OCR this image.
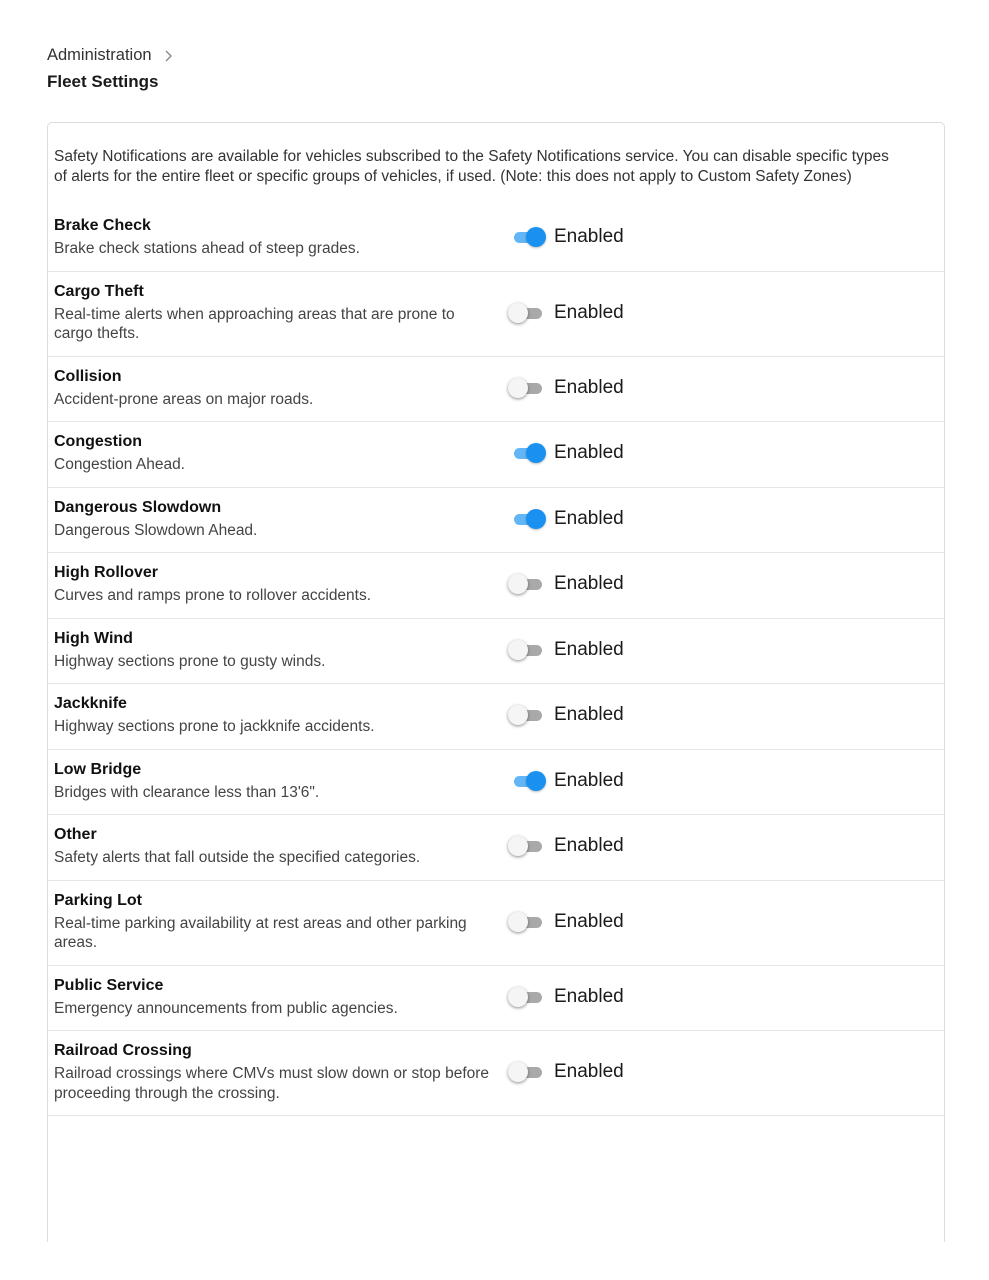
Administration
Fleet Settings
Safety Notifications are available for vehicles subscribed to the Safety Notifications service. You can disable specific types of alerts for the entire fleet or specific groups of vehicles, if used. (Note: this does not apply to Custom Safety Zones)
Brake Check
Brake check stations ahead of steep grades.
Enabled
Cargo Theft
Real-time alerts when approaching areas that are prone to cargo thefts.
Enabled
Collision
Accident-prone areas on major roads.
Enabled
Congestion
Congestion Ahead.
Enabled
Dangerous Slowdown
Dangerous Slowdown Ahead.
Enabled
High Rollover
Curves and ramps prone to rollover accidents.
Enabled
High Wind
Highway sections prone to gusty winds.
Enabled
Jackknife
Highway sections prone to jackknife accidents.
Enabled
Low Bridge
Bridges with clearance less than 13'6".
Enabled
Other
Safety alerts that fall outside the specified categories.
Enabled
Parking Lot
Real-time parking availability at rest areas and other parking areas.
Enabled
Public Service
Emergency announcements from public agencies.
Enabled
Railroad Crossing
Railroad crossings where CMVs must slow down or stop before proceeding through the crossing.
Enabled
